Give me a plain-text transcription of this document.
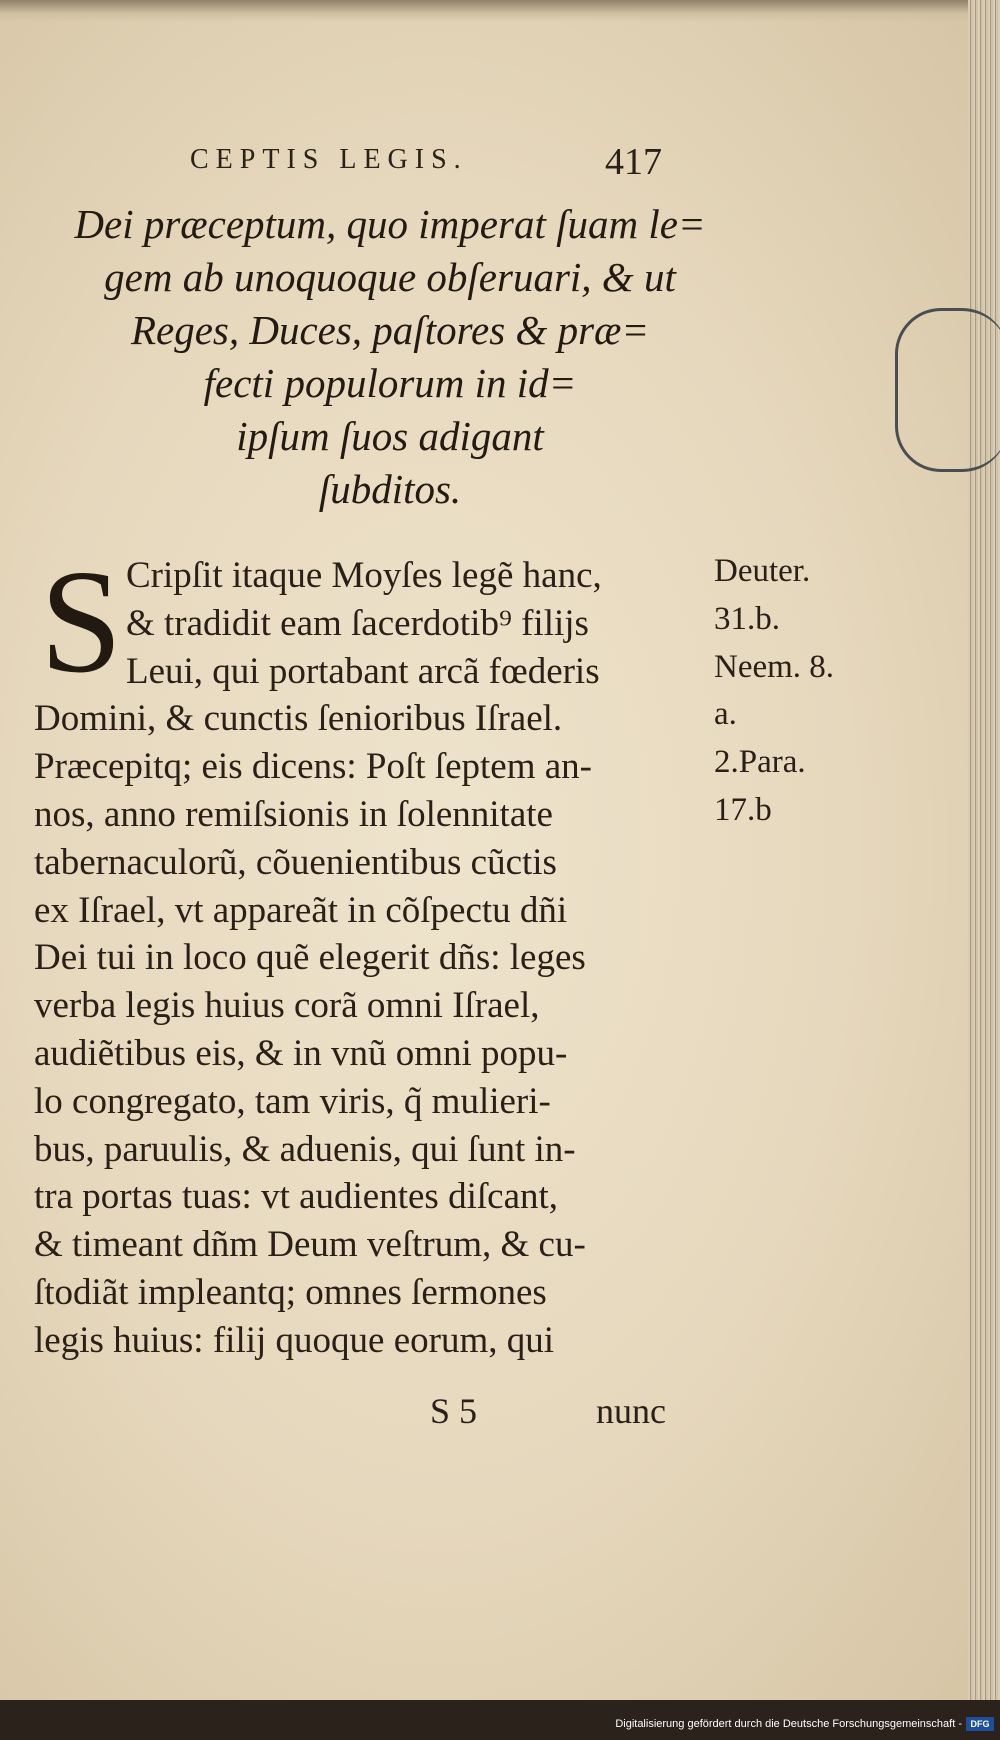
CEPTIS LEGIS.	417
Dei præceptum, quo imperat ſuam le=
gem ab unoquoque obſeruari, & ut
Reges, Duces, paſtores & præ=
fecti populorum in id=
ipſum ſuos adigant
ſubditos.
S Cripſit itaque Moyſes legẽ hanc,
& tradidit eam ſacerdotib⁹ filijs
Leui, qui portabant arcã fœderis
Domini, & cunctis ſenioribus Iſrael.
Præcepitq; eis dicens: Poſt ſeptem an-
nos, anno remiſsionis in ſolennitate
tabernaculorũ, cõuenientibus cũctis
ex Iſrael, vt appareãt in cõſpectu dñi
Dei tui in loco quẽ elegerit dñs: leges
verba legis huius corã omni Iſrael,
audiẽtibus eis, & in vnũ omni popu-
lo congregato, tam viris, q̃ mulieri-
bus, paruulis, & aduenis, qui ſunt in-
tra portas tuas: vt audientes diſcant,
& timeant dñm Deum veſtrum, & cu-
ſtodiãt impleantq; omnes ſermones
legis huius: filij quoque eorum, qui
Deuter.
31.b.
Neem. 8.
a.
2.Para.
17.b
S 5	nunc
Digitalisierung gefördert durch die Deutsche Forschungsgemeinschaft - DFG
